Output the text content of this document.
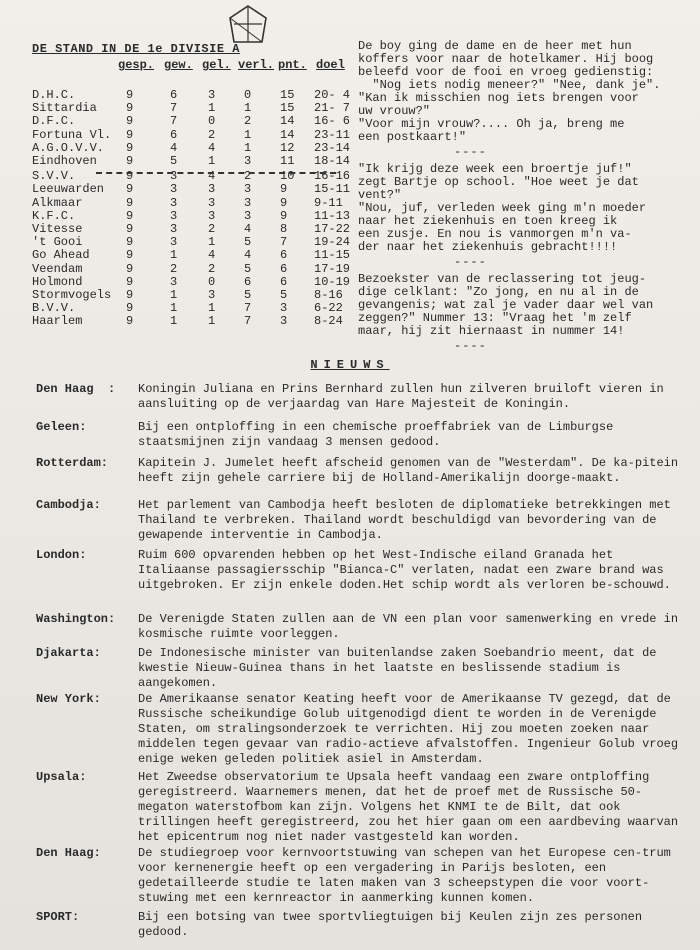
DE STAND IN DE 1e DIVISIE A
gesp. gew. gel. verl. pnt. doel
D.H.C.	9	6	3 0 15 20- 4
Sittardia 9	7	1 1 15 21- 7
D.F.C.	9	7	0 2 14 16- 6
Fortuna Vl. 9	6	2 1 14 23-11
A.G.O.V.V. 9	4	4 1 12 23-14
Eindhoven 9	5	1 3 11 18-14
S.V.V.	9	3	4 2 10 16-16
Leeuwarden 9	3	3 3 9 15-11
Alkmaar	9	3	3 3 9 9-11
K.F.C.	9	3	3 3 9 11-13
Vitesse	9	3	2 4 8 17-22
't Gooi	9	3	1 5 7 19-24
Go Ahead	9	1	4 4 6 11-15
Veendam	9	2	2 5 6 17-19
Holmond	9	3	0 6 6 10-19
Stormvogels 9	1	3 5 5 8-16
B.V.V.	9	1	1 7 3 6-22
Haarlem	9	1	1 7 3 8-24
De boy ging de dame en de heer met hun
koffers voor naar de hotelkamer. Hij boog
beleefd voor de fooi en vroeg gedienstig:
"Nog iets nodig meneer?" "Nee, dank je".
"Kan ik misschien nog iets brengen voor
uw vrouw?"
"Voor mijn vrouw?.... Oh ja, breng me
een postkaart!"
----
"Ik krijg deze week een broertje juf!"
zegt Bartje op school. "Hoe weet je dat
vent?"
"Nou, juf, verleden week ging m'n moeder
naar het ziekenhuis en toen kreeg ik
een zusje. En nou is vanmorgen m'n va-
der naar het ziekenhuis gebracht!!!!
----
Bezoekster van de reclassering tot jeug-
dige celklant: "Zo jong, en nu al in de
gevangenis; wat zal je vader daar wel van
zeggen?" Nummer 13: "Vraag het 'm zelf
maar, hij zit hiernaast in nummer 14!
----
NIEUWS
Den Haag  : Koningin Juliana en Prins Bernhard zullen hun zilveren bruiloft vieren in aansluiting op de verjaardag van Hare Majesteit de Koningin.
Geleen:	Bij een ontploffing in een chemische proeffabriek van de Limburgse staatsmijnen zijn vandaag 3 mensen gedood.
Rotterdam: Kapitein J. Jumelet heeft afscheid genomen van de "Westerdam". De ka-pitein heeft zijn gehele carriere bij de Holland-Amerikalijn doorge-maakt.
Cambodja:	Het parlement van Cambodja heeft besloten de diplomatieke betrekkingen met Thailand te verbreken. Thailand wordt beschuldigd van bevordering van de gewapende interventie in Cambodja.
London:	Ruim 600 opvarenden hebben op het West-Indische eiland Granada het Italiaanse passagiersschip "Bianca-C" verlaten, nadat een zware brand was uitgebroken. Er zijn enkele doden.Het schip wordt als verloren be-schouwd.
Washington: De Verenigde Staten zullen aan de VN een plan voor samenwerking en vrede in kosmische ruimte voorleggen.
Djakarta:	De Indonesische minister van buitenlandse zaken Soebandrio meent, dat de kwestie Nieuw-Guinea thans in het laatste en beslissende stadium is aangekomen.
New York:	De Amerikaanse senator Keating heeft voor de Amerikaanse TV gezegd, dat de Russische scheikundige Golub uitgenodigd dient te worden in de Verenigde Staten, om stralingsonderzoek te verrichten. Hij zou moeten zoeken naar middelen tegen gevaar van radio-actieve afvalstoffen. Ingenieur Golub vroeg enige weken geleden politiek asiel in Amsterdam.
Upsala:	Het Zweedse observatorium te Upsala heeft vandaag een zware ontploffing geregistreerd. Waarnemers menen, dat het de proef met de Russische 50-megaton waterstofbom kan zijn. Volgens het KNMI te de Bilt, dat ook trillingen heeft geregistreerd, zou het hier gaan om een aardbeving waarvan het epicentrum nog niet nader vastgesteld kan worden.
Den Haag:	De studiegroep voor kernvoortstuwing van schepen van het Europese cen-trum voor kernenergie heeft op een vergadering in Parijs besloten, een gedetailleerde studie te laten maken van 3 scheepstypen die voor voort-stuwing met een kernreactor in aanmerking kunnen komen.
SPORT:	Bij een botsing van twee sportvliegtuigen bij Keulen zijn zes personen gedood.
